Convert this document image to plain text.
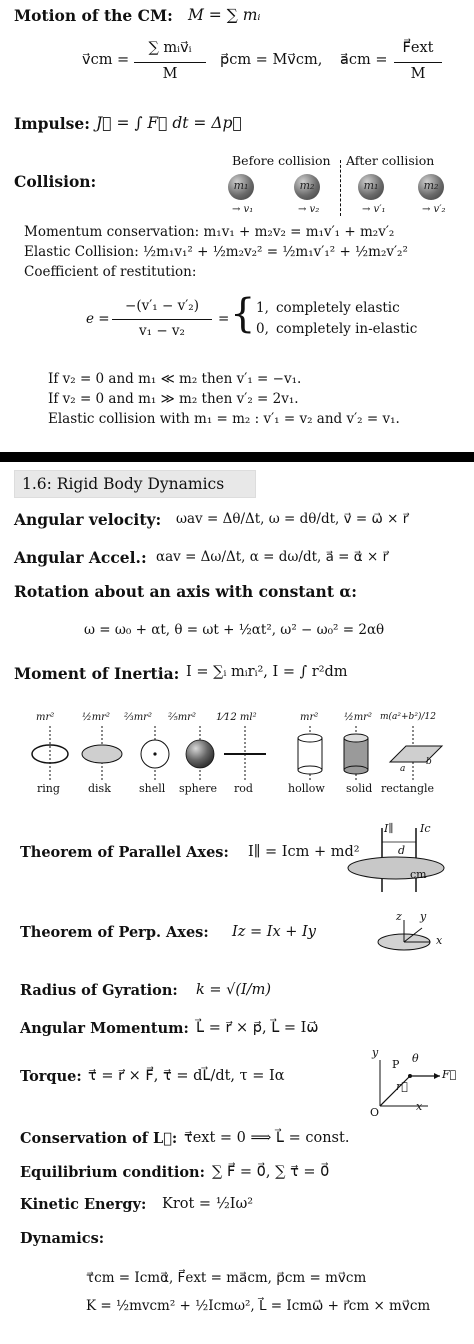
Motion of the CM: M = ∑ mᵢ
v⃗cm =
∑ mᵢv⃗ᵢ
M
p⃗cm = Mv⃗cm, a⃗cm =
F⃗ext
M
Impulse: J⃗ = ∫ F⃗ dt = Δp⃗
Collision:
Before collision After collision
m₁	m₂	m₁	m₂
→ v₁	→ v₂	→ v′₁	→ v′₂
Momentum conservation: m₁v₁ + m₂v₂ = m₁v′₁ + m₂v′₂
Elastic Collision: ½m₁v₁² + ½m₂v₂² = ½m₁v′₁² + ½m₂v′₂²
Coefficient of restitution:
e =
−(v′₁ − v′₂)
v₁ − v₂
= { 1, completely elastic
0, completely in-elastic
If v₂ = 0 and m₁ ≪ m₂ then v′₁ = −v₁.
If v₂ = 0 and m₁ ≫ m₂ then v′₂ = 2v₁.
Elastic collision with m₁ = m₂ : v′₁ = v₂ and v′₂ = v₁.
1.6: Rigid Body Dynamics
Angular velocity: ωav = Δθ/Δt, ω = dθ/dt, v⃗ = ω⃗ × r⃗
Angular Accel.: αav = Δω/Δt, α = dω/dt, a⃗ = α⃗ × r⃗
Rotation about an axis with constant α:
ω = ω₀ + αt, θ = ωt + ½αt², ω² − ω₀² = 2αθ
Moment of Inertia: I = ∑ᵢ mᵢrᵢ², I = ∫ r²dm
mr²	½mr² ⅔mr² ⅖mr² 1⁄12 ml²	mr²	½mr² m(a²+b²)/12
b
a
ring	disk	shell sphere rod	hollow solid rectangle
Theorem of Parallel Axes: I∥ = Icm + md²
I∥ Ic
d
cm
Theorem of Perp. Axes: Iz = Ix + Iy
z y
x
Radius of Gyration: k = √(I/m)
Angular Momentum: L⃗ = r⃗ × p⃗, L⃗ = Iω⃗
Torque: τ⃗ = r⃗ × F⃗, τ⃗ = dL⃗/dt, τ = Iα
y
P θ
F⃗
r⃗
x
O
Conservation of L⃗: τ⃗ext = 0 ⟹ L⃗ = const.
Equilibrium condition: ∑ F⃗ = 0⃗, ∑ τ⃗ = 0⃗
Kinetic Energy: Krot = ½Iω²
Dynamics:
τ⃗cm = Icmα⃗, F⃗ext = ma⃗cm, p⃗cm = mv⃗cm
K = ½mvcm² + ½Icmω², L⃗ = Icmω⃗ + r⃗cm × mv⃗cm
